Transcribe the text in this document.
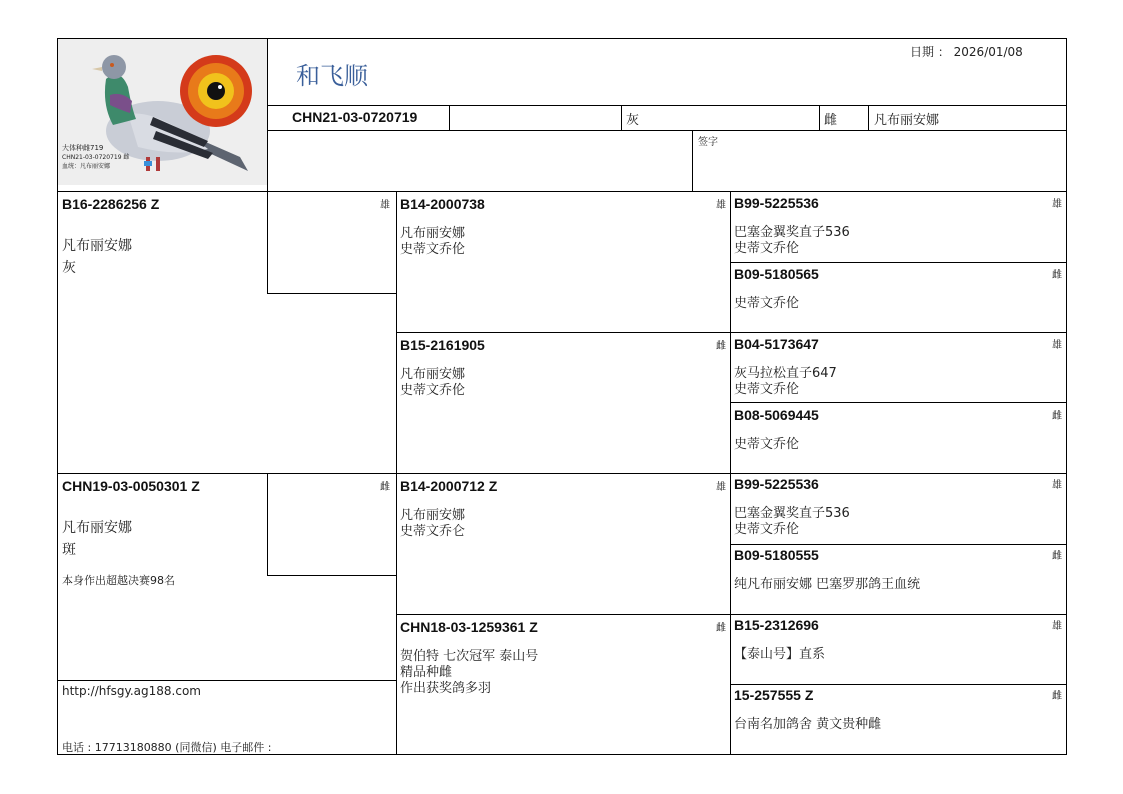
大体种雌719
CHN21-03-0720719 雌
血统：凡布丽安娜
和飞顺
日期 ： 2026/01/08
CHN21-03-0720719	灰	雌	凡布丽安娜
签字
B16-2286256 Z
凡布丽安娜
灰
雄
CHN19-03-0050301 Z
凡布丽安娜
斑
本身作出超越决赛98名
雌
B14-2000738	雄
凡布丽安娜
史蒂文乔伦
B15-2161905	雌
凡布丽安娜
史蒂文乔伦
B14-2000712 Z	雄
凡布丽安娜
史蒂文乔仑
CHN18-03-1259361 Z	雌
贺伯特 七次冠军 泰山号
精品种雌
作出获奖鸽多羽
B99-5225536	雄
巴塞金翼奖直子536
史蒂文乔伦
B09-5180565	雌
史蒂文乔伦
B04-5173647	雄
灰马拉松直子647
史蒂文乔伦
B08-5069445	雌
史蒂文乔伦
B99-5225536	雄
巴塞金翼奖直子536
史蒂文乔伦
B09-5180555	雌
纯凡布丽安娜 巴塞罗那鸽王血统
B15-2312696	雄
【泰山号】直系
15-257555 Z	雌
台南名加鸽舍 黄文贵种雌
http://hfsgy.ag188.com
电话 : 17713180880 (同微信) 电子邮件 :
